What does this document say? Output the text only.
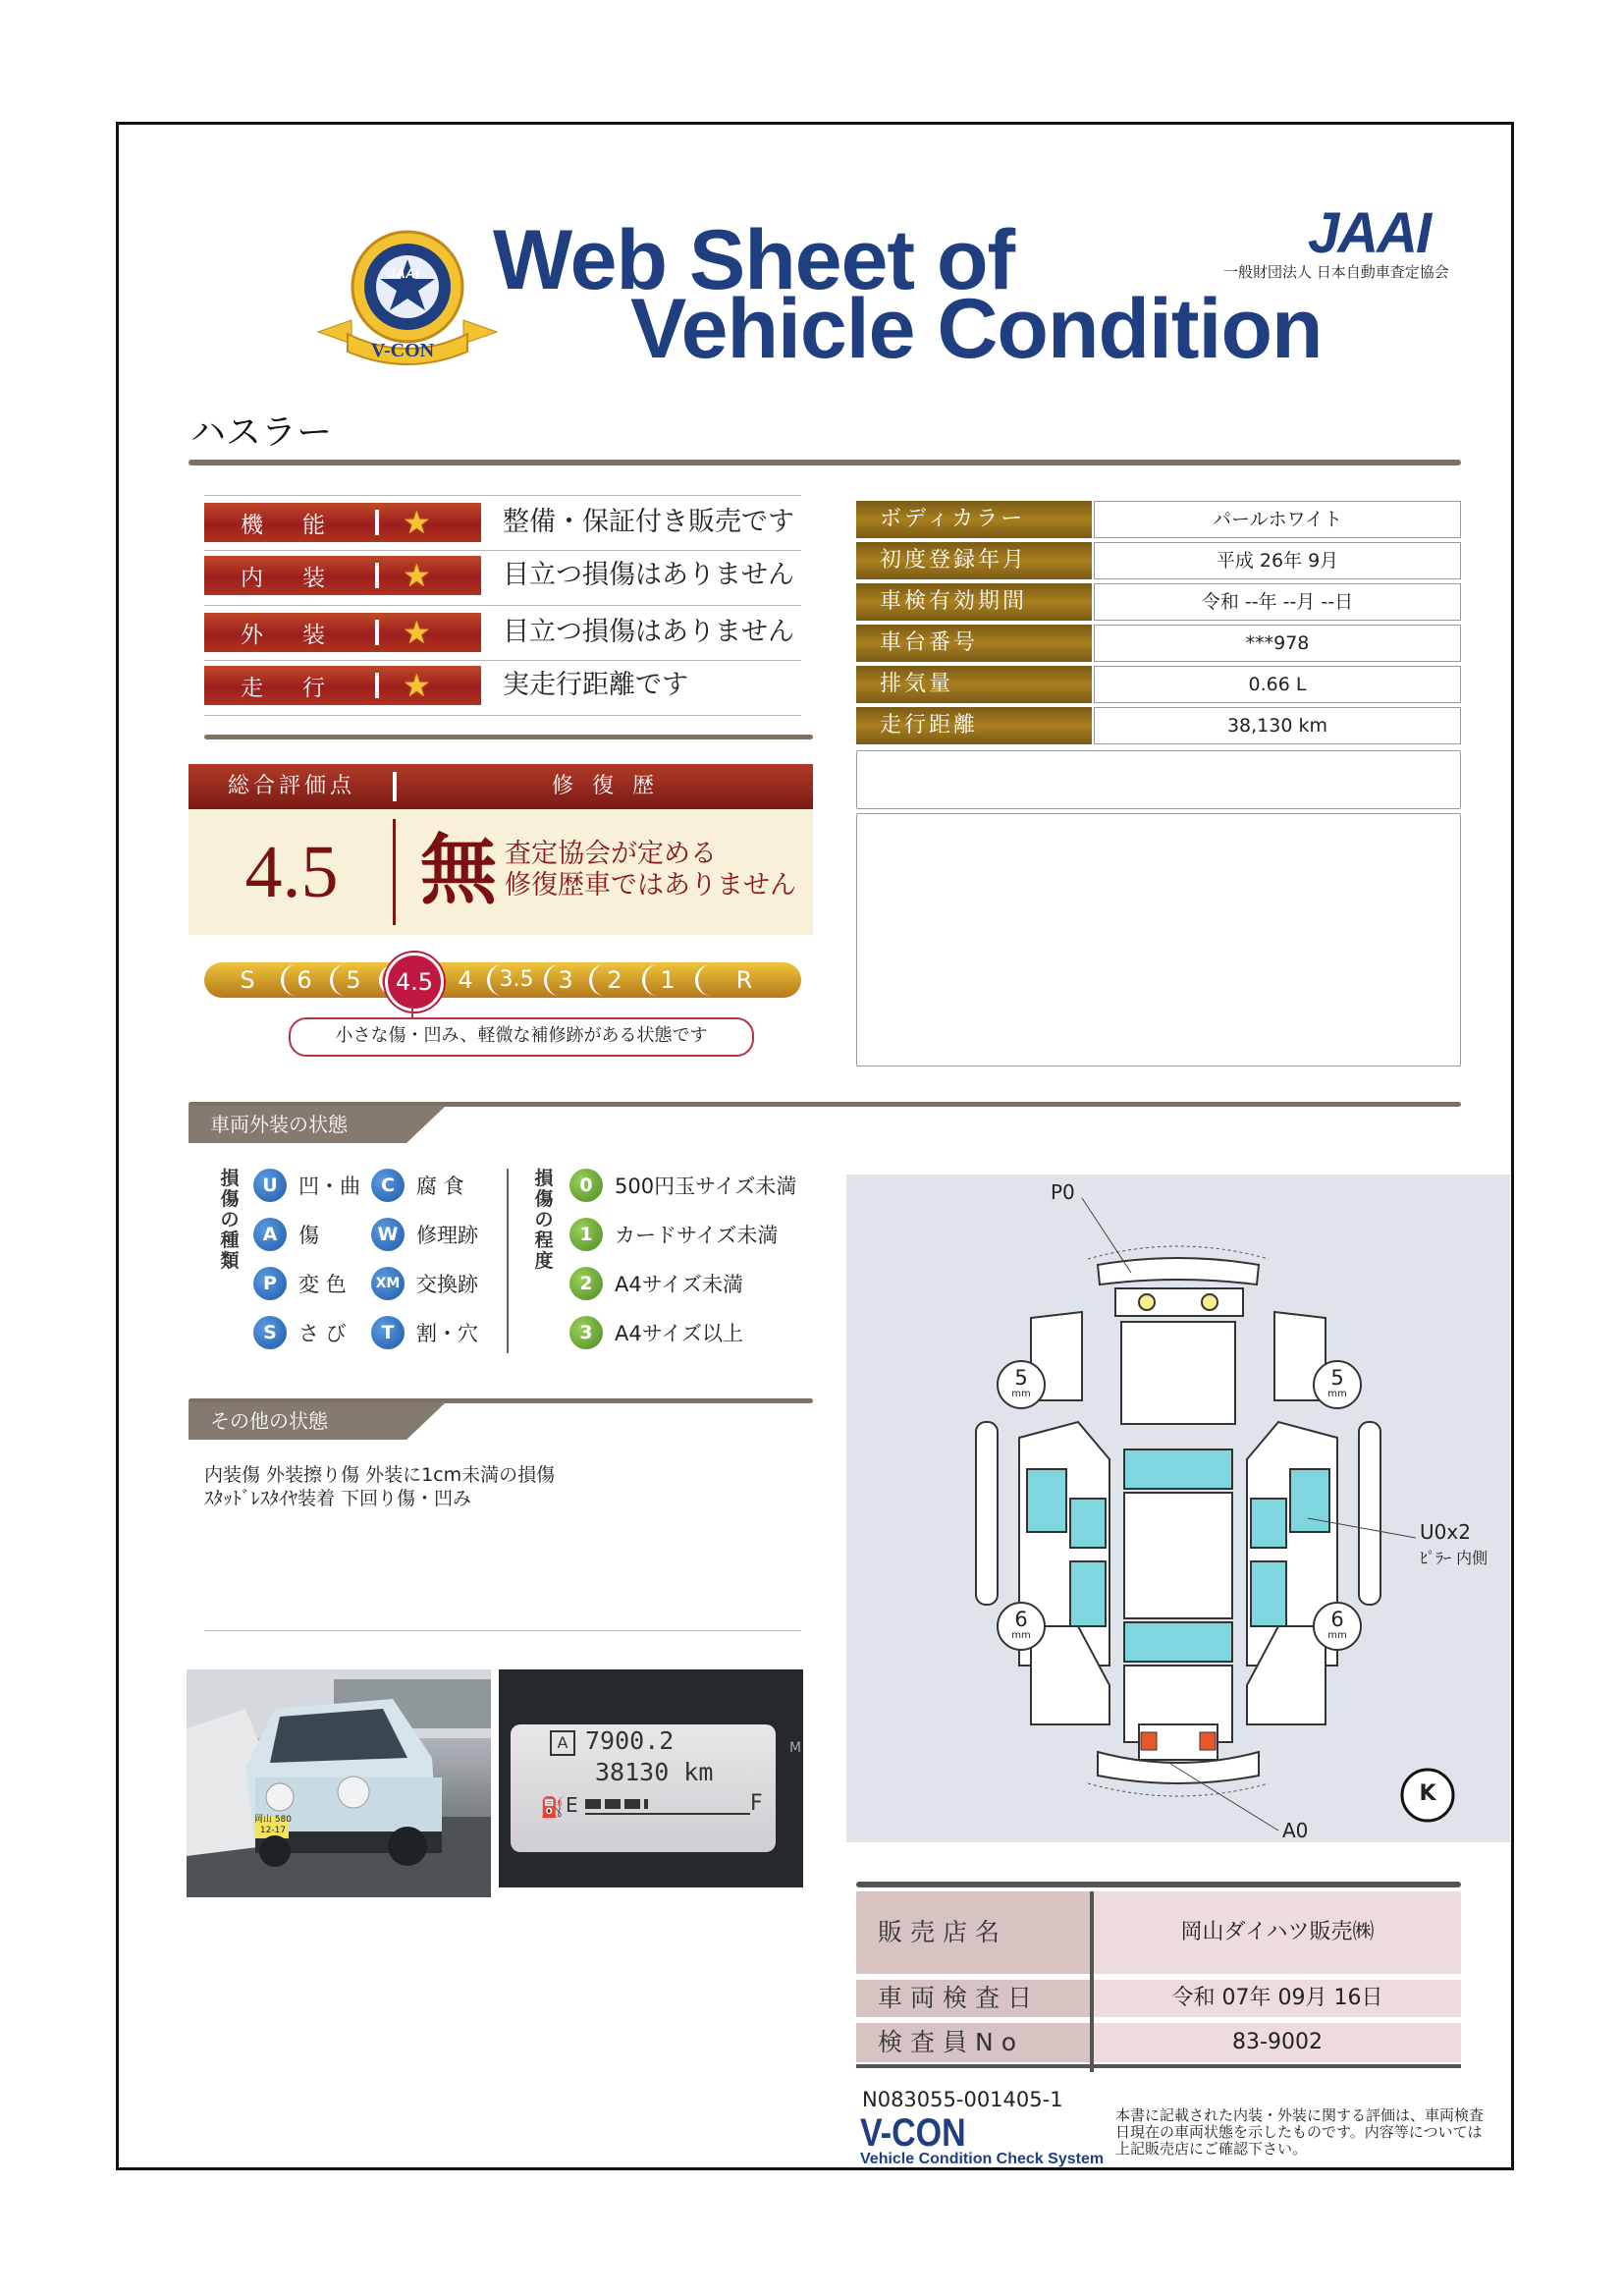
JAAI
V-CON
Web Sheet of
Vehicle Condition
JAAI
一般財団法人 日本自動車査定協会
ハスラー
機能 ★	整備・保証付き販売です
内装 ★	目立つ損傷はありません
外装 ★	目立つ損傷はありません
走行 ★	実走行距離です
ボディカラー	パールホワイト
初度登録年月	平成 26年 9月
車検有効期間	令和 --年 --月 --日
車台番号	***978
排気量	0.66 L
走行距離	38,130 km
総合評価点	修 復 歴
4.5	無 査定協会が定める
修復歴車ではありません
S	6	5	4	3.5	3	2	1	R
4.5
小さな傷・凹み、軽微な補修跡がある状態です
車両外装の状態
損傷の種類
U	凹・曲	C	腐 食
A	傷	W 修理跡
P	変 色	XM 交換跡
S	さ び	T	割・穴
損傷の程度
0	500円玉サイズ未満
1	カードサイズ未満
2	A4サイズ未満
3	A4サイズ以上
その他の状態
内装傷 外装擦り傷 外装に1cm未満の損傷
ｽﾀｯﾄﾞﾚｽﾀｲﾔ装着 下回り傷・凹み
岡山 580 12-17
A 7900.2
38130 km
⛽ E	F
M
P0
A0
U0x2
ﾋﾟﾗｰ 内側
5
mm
5
mm
6
mm
6
mm
K
販売店名	岡山ダイハツ販売㈱
車両検査日	令和 07年 09月 16日
検査員No	83-9002
N083055-001405-1
V-CON
Vehicle Condition Check System
本書に記載された内装・外装に関する評価は、車両検査日現在の車両状態を示したものです。内容等については上記販売店にご確認下さい。
